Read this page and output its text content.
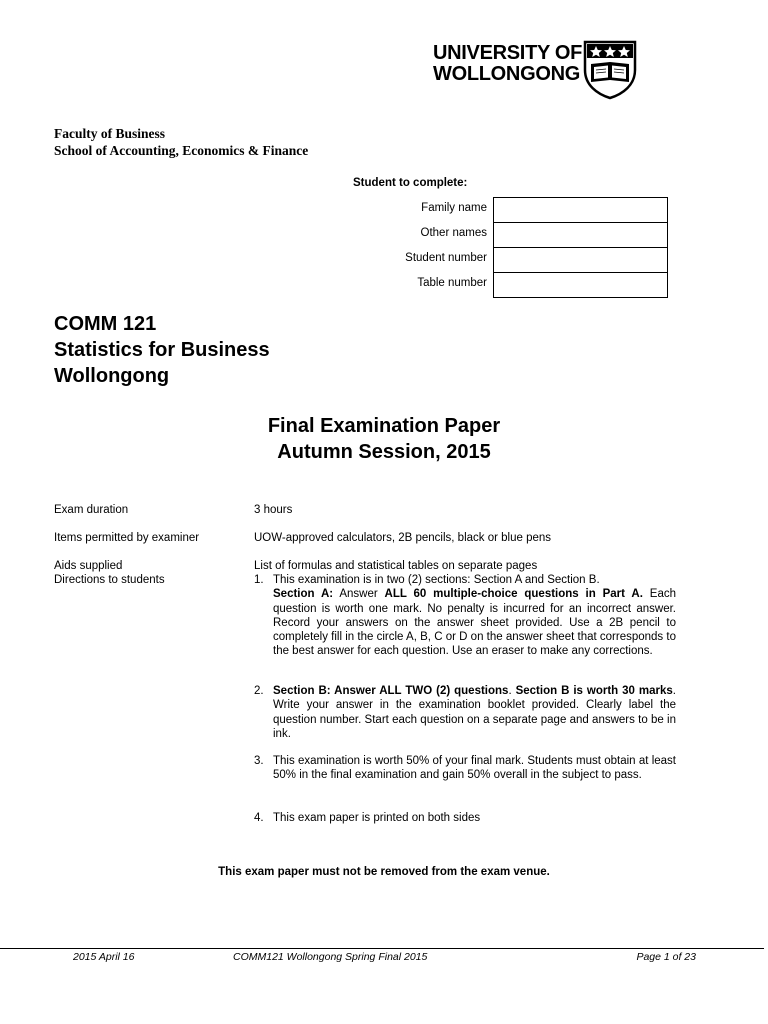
UNIVERSITY OF
WOLLONGONG
Faculty of Business
School of Accounting, Economics & Finance
Student to complete:
Family name
Other names
Student number
Table number
COMM 121
Statistics for Business
Wollongong
Final Examination Paper
Autumn Session, 2015
Exam duration	3 hours
Items permitted by examiner	UOW-approved calculators, 2B pencils, black or blue pens
Aids supplied	List of formulas and statistical tables on separate pages
Directions to students	1. This examination is in two (2) sections: Section A and Section B.
Section A: Answer ALL 60 multiple-choice questions in Part A. Each question is worth one mark. No penalty is incurred for an incorrect answer. Record your answers on the answer sheet provided. Use a 2B pencil to completely fill in the circle A, B, C or D on the answer sheet that corresponds to the best answer for each question. Use an eraser to make any corrections.
2. Section B: Answer ALL TWO (2) questions. Section B is worth 30 marks. Write your answer in the examination booklet provided. Clearly label the question number. Start each question on a separate page and answers to be in ink.
3. This examination is worth 50% of your final mark. Students must obtain at least 50% in the final examination and gain 50% overall in the subject to pass.
4. This exam paper is printed on both sides
This exam paper must not be removed from the exam venue.
2015 April 16	COMM121 Wollongong Spring Final 2015	Page 1 of 23
